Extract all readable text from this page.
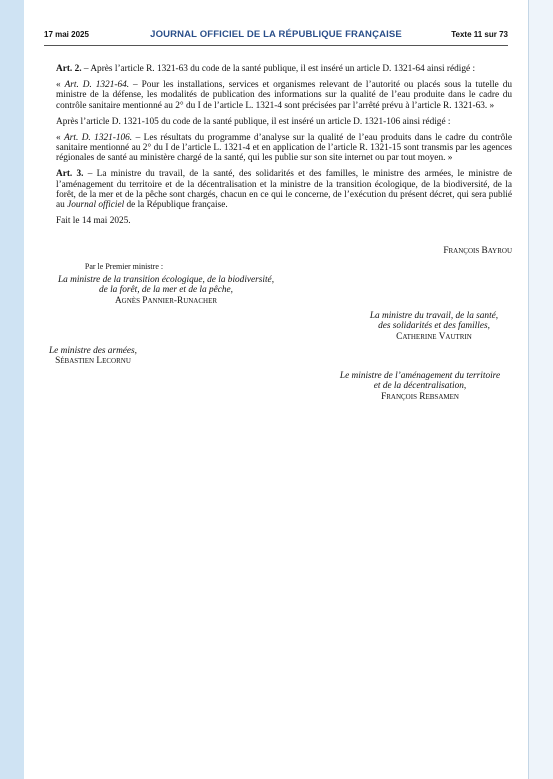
17 mai 2025	JOURNAL OFFICIEL DE LA RÉPUBLIQUE FRANÇAISE	Texte 11 sur 73

Art. 2. – Après l’article R. 1321-63 du code de la santé publique, il est inséré un article D. 1321-64 ainsi rédigé :

« Art. D. 1321-64. – Pour les installations, services et organismes relevant de l’autorité ou placés sous la tutelle du ministre de la défense, les modalités de publication des informations sur la qualité de l’eau produite dans le cadre du contrôle sanitaire mentionné au 2° du I de l’article L. 1321-4 sont précisées par l’arrêté prévu à l’article R. 1321-63. »

Après l’article D. 1321-105 du code de la santé publique, il est inséré un article D. 1321-106 ainsi rédigé :

« Art. D. 1321-106. – Les résultats du programme d’analyse sur la qualité de l’eau produits dans le cadre du contrôle sanitaire mentionné au 2° du I de l’article L. 1321-4 et en application de l’article R. 1321-15 sont transmis par les agences régionales de santé au ministère chargé de la santé, qui les publie sur son site internet ou par tout moyen. »

Art. 3. – La ministre du travail, de la santé, des solidarités et des familles, le ministre des armées, le ministre de l’aménagement du territoire et de la décentralisation et la ministre de la transition écologique, de la biodiversité, de la forêt, de la mer et de la pêche sont chargés, chacun en ce qui le concerne, de l’exécution du présent décret, qui sera publié au Journal officiel de la République française.

Fait le 14 mai 2025.

François Bayrou
Par le Premier ministre :
La ministre de la transition écologique, de la biodiversité,
de la forêt, de la mer et de la pêche,
Agnès Pannier-Runacher
La ministre du travail, de la santé,
des solidarités et des familles,
Catherine Vautrin
Le ministre des armées,
Sébastien Lecornu
Le ministre de l’aménagement du territoire
et de la décentralisation,
François Rebsamen
